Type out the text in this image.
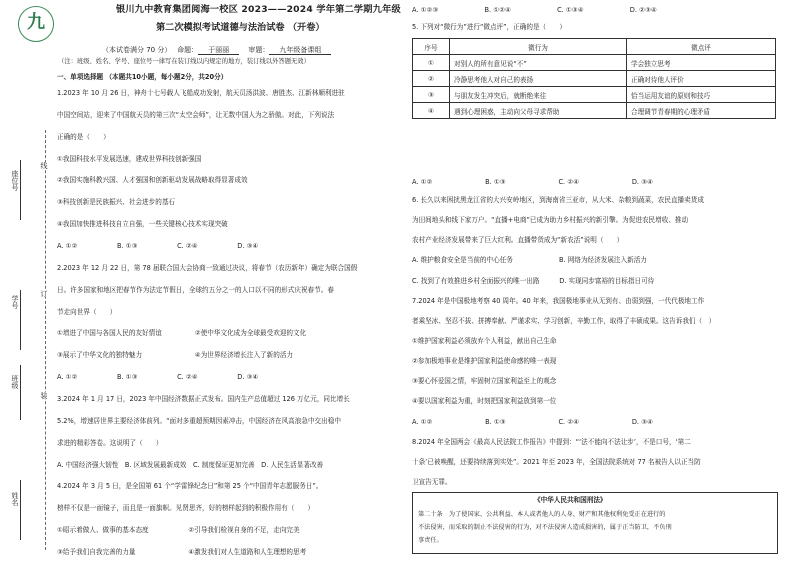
九
银川九中教育集团阅海一校区 2023——2024 学年第二学期九年级
第二次模拟考试道德与法治试卷 （开卷）
（本试卷满分 70 分）　 命题： 于丽丽　	审题： 九年级备课组
（注：班级、姓名、学号、座位号一律写在装订线以内规定的地方，装订线以外答题无效）
座位号
学号
班级
姓名
线
订
装
一、单项选择题 （本题共10小题，每小题2分，共20分）
1.2023 年 10 月 26 日，神舟十七号载人飞船成功发射，航天员汤洪波、唐胜杰、江新林顺利进驻
中国空间站，迎来了中国航天员的第三次“太空会师”，让无数中国人为之骄傲。对此，下列说法
正确的是（　　）
①我国科技水平发展迅速，建成世界科技创新强国
②我国实施科教兴国、人才强国和创新驱动发展战略取得显著成效
③科技创新是民族振兴、社会进步的基石
④我国加快推进科技自立自强，一些关键核心技术实现突破
A. ①②　　　　　　B. ①③　　　　　　C. ②④　　　　　　D. ③④
2.2023 年 12 月 22 日，第 78 届联合国大会协商一致通过决议，将春节（农历新年）确定为联合国假
日。许多国家和地区把春节作为法定节假日，全球约五分之一的人口以不同的形式庆祝春节。春
节走向世界（　　）
①增进了中国与各国人民的友好情谊　　　　　②使中华文化成为全球最受欢迎的文化
③展示了中华文化的独特魅力　　　　　　　　④为世界经济增长注入了新的活力
A. ①②　　　　　　B. ①③　　　　　　C. ②④　　　　　　D. ③④
3.2024 年 1 月 17 日，2023 年中国经济数据正式发布。国内生产总值超过 126 万亿元，同比增长
5.2%，增速居世界主要经济体前列。“面对多重超预期因素冲击，中国经济在风高浪急中交出稳中
求进的精彩答卷。这说明了（　　）
A. 中国经济强大韧性　B. 区域发展最新成效　C. 制度保证更加完善　D. 人民生活显著改善
4.2024 年 3 月 5 日，是全国第 61 个“学雷锋纪念日”和第 25 个“中国青年志愿服务日”。
榜样不仅是一面镜子，而且是一面旗帜。见贤思齐，好的榜样起到的积极作用有（　　）
①昭示着做人、做事的基本态度　　　　　　②引导我们检视自身的不足，走向完美
③给予我们自我完善的力量　　　　　　　　④激发我们对人生道路和人生理想的思考
A. ①②③　　　　　　　B. ①②④　　　　　　　C. ①③④　　　　　　　D. ②③④
5. 下列对“微行为”进行“微点评”，正确的是（　　）
序号	微行为	微点评
①	对别人的所有意见说“不”	学会独立思考
②	冷静思考他人对自己的表扬	正确对待他人评价
③	与朋友发生冲突后，就断绝来往	恰当运用友谊的原则和技巧
④	遇到心理困惑，主动向父母寻求帮助	合理调节青春期的心理矛盾
A. ①②　　　　　　　　B. ①③　　　　　　　　C. ②④　　　　　　　　D. ③④
6. 长久以来困扰黑龙江省的大兴安岭地区，到海南省三亚市，从大米、杂粮到蔬菜，农民直播卖货成
为田间地头和线下家万户。“直播+电商”已成为助力乡村振兴的新引擎。为促进农民增收、推动
农村产业经济发展带来了巨大红利。直播带货成为“新农活”说明（　　）
A. 维护粮食安全是当前的中心任务　　　　　　　B. 网络为经济发展注入新活力
C. 找到了有效推进乡村全面振兴的唯一出路　　　D. 实现同步富裕的目标指日可待
7.2024 年是中国极地考察 40 周年。40 年来，我国极地事业从无到有、由弱到强，一代代极地工作
者乘坚冰、坚忍不拔、拼搏奉献、严谨求实、学习创新，辛勤工作，取得了丰硕成果。这告诉我们（　）
①维护国家利益必须放弃个人利益，献出自己生命
②参加极地事业是维护国家利益使命感的唯一表现
③要心怀爱国之情，牢固树立国家利益至上的观念
④要以国家利益为重，时刻把国家利益放到第一位
A. ①②　　　　　　　　B. ①③　　　　　　　　C. ②④　　　　　　　　D. ③④
8.2024 年全国两会《最高人民法院工作报告》中提到：“‘法不能向不法让步’，不是口号，‘第二
十条’已被唤醒，还要持续落到实处”。2021 年至 2023 年，全国法院系统对 77 名被告人以正当防
卫宣告无罪。
《中华人民共和国刑法》
第二十条　为了使国家、公共利益、本人或者他人的人身、财产和其他权利免受正在进行的
不法侵害，而采取的制止不法侵害的行为，对不法侵害人造成损害的，属于正当防卫，不负刑
事责任。
